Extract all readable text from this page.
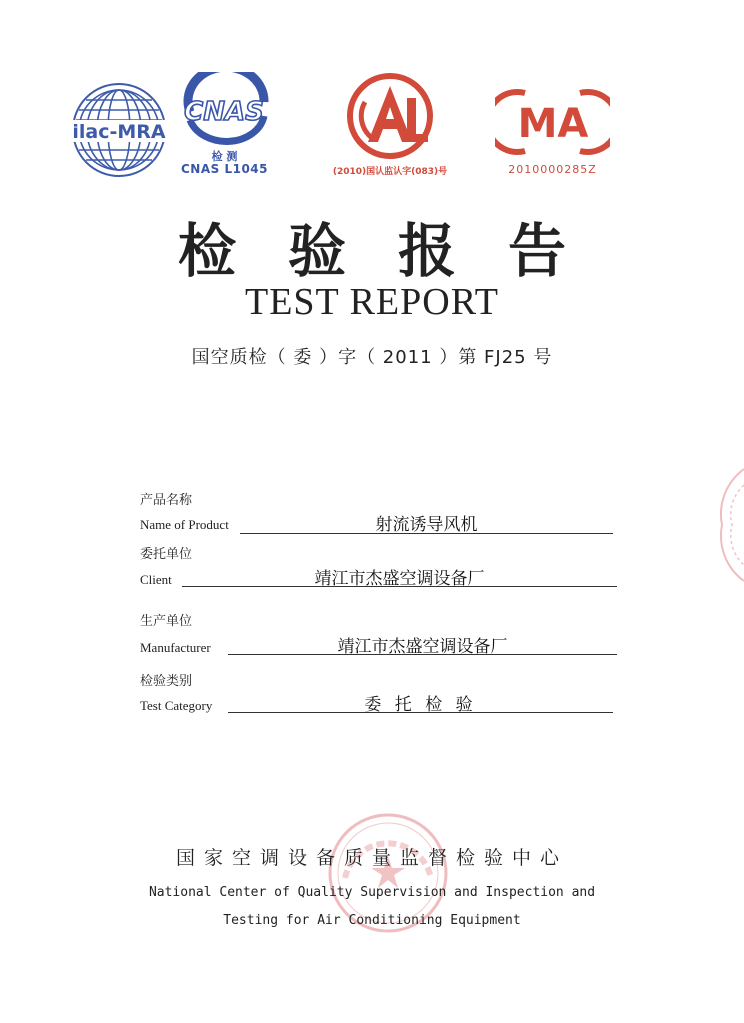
ilac-MRA
CNAS
检 测
CNAS L1045	(2010)国认监认字(083)号
MA
2010000285Z
检验报告
TEST REPORT
国空质检（ 委 ）字（ 2011 ）第 FJ25 号
产品名称
Name of Product	射流诱导风机
委托单位
Client	靖江市杰盛空调设备厂
生产单位
Manufacturer	靖江市杰盛空调设备厂
检验类别
Test Category	委 托 检 验
国家空调设备质量监督检验中心
National Center of Quality Supervision and Inspection and
Testing for Air Conditioning Equipment
